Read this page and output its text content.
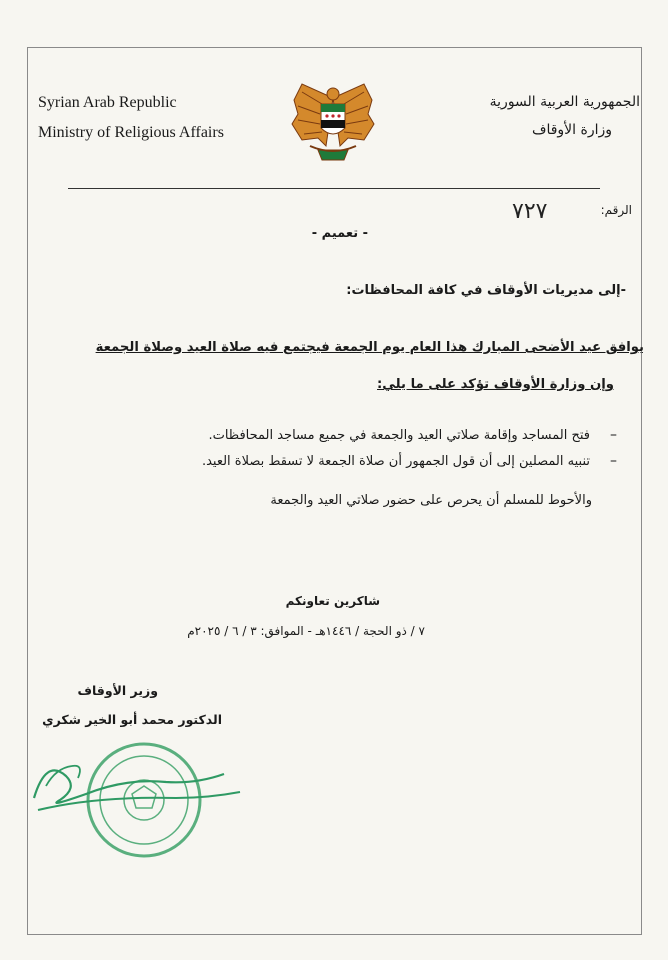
Syrian Arab Republic
Ministry of Religious Affairs
الجمهورية العربية السورية
وزارة الأوقاف
الرقم:
٧٢٧
- تعميم -
-إلى مديريات الأوقاف في كافة المحافظات:
يوافق عيد الأضحى المبارك هذا العام يوم الجمعة فيجتمع فيه صلاة العيد وصلاة الجمعة
وإن وزارة الأوقاف تؤكد على ما يلي:
–
فتح المساجد وإقامة صلاتي العيد والجمعة في جميع مساجد المحافظات.
–
تنبيه المصلين إلى أن قول الجمهور أن صلاة الجمعة لا تسقط بصلاة العيد.
والأحوط للمسلم أن يحرص على حضور صلاتي العيد والجمعة
شاكرين تعاونكم
٧ / ذو الحجة / ١٤٤٦هـ - الموافق: ٣ / ٦ / ٢٠٢٥م
وزير الأوقاف
الدكتور محمد أبو الخير شكري
